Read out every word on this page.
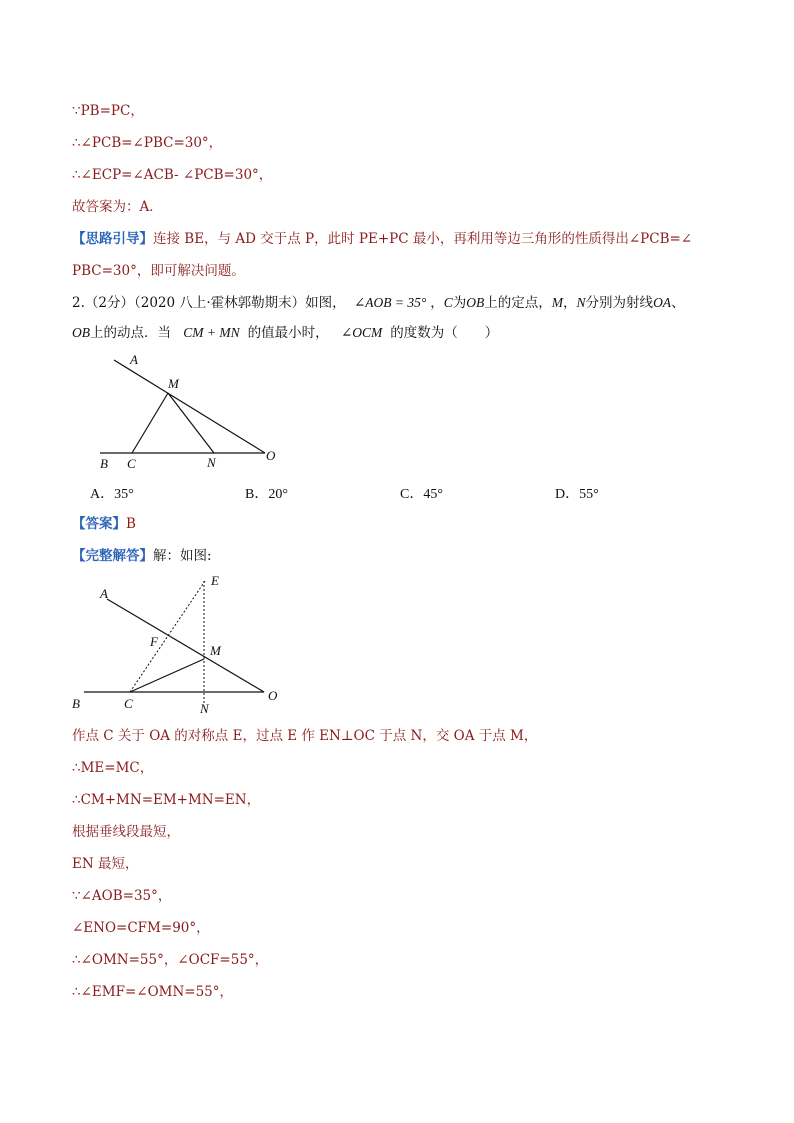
∵PB=PC，
∴∠PCB=∠PBC=30°，
∴∠ECP=∠ACB- ∠PCB=30°，
故答案为：A．
【思路引导】连接 BE，与 AD 交于点 P，此时 PE+PC 最小，再利用等边三角形的性质得出∠PCB=∠
PBC=30°，即可解决问题。
2.（2分）（2020 八上·霍林郭勒期末）如图， ∠AOB = 35° ，C为OB上的定点，M，N分别为射线OA、
OB上的动点．当 CM + MN 的值最小时， ∠OCM 的度数为（　　）
A
M
B C	N	O
A．35°	B．20°	C．45°	D．55°
【答案】B
【完整解答】解：如图:
A
E
F
M
B	C	N
O
作点 C 关于 OA 的对称点 E，过点 E 作 EN⊥OC 于点 N，交 OA 于点 M，
∴ME=MC，
∴CM+MN=EM+MN=EN，
根据垂线段最短，
EN 最短，
∵∠AOB=35°，
∠ENO=CFM=90°，
∴∠OMN=55°，∠OCF=55°，
∴∠EMF=∠OMN=55°，
